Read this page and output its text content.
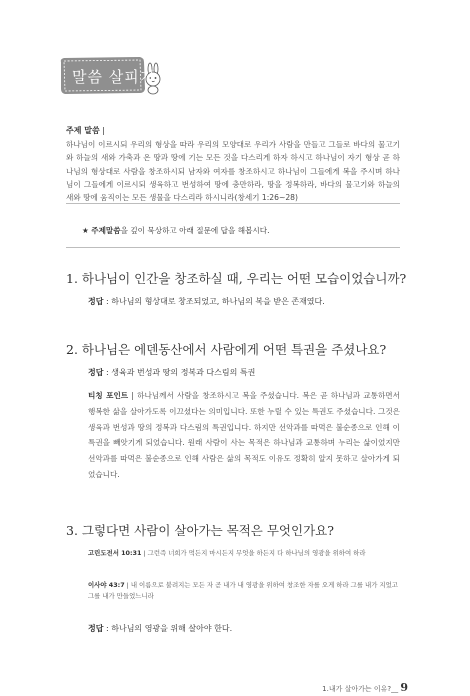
말씀 살피기
주제 말씀 |

하나님이 이르시되 우리의 형상을 따라 우리의 모양대로 우리가 사람을 만들고 그들로 바다의 물고기와 하늘의 새와 가축과 온 땅과 땅에 기는 모든 것을 다스리게 하자 하시고 하나님이 자기 형상 곧 하나님의 형상대로 사람을 창조하시되 남자와 여자를 창조하시고 하나님이 그들에게 복을 주시며 하나님이 그들에게 이르시되 생육하고 번성하여 땅에 충만하라, 땅을 정복하라, 바다의 물고기와 하늘의 새와 땅에 움직이는 모든 생물을 다스리라 하시니라(창세기 1:26~28)

★ 주제말씀을 깊이 묵상하고 아래 질문에 답을 해봅시다.
1. 하나님이 인간을 창조하실 때, 우리는 어떤 모습이었습니까?
정답 : 하나님의 형상대로 창조되었고, 하나님의 복을 받은 존재였다.
2. 하나님은 에덴동산에서 사람에게 어떤 특권을 주셨나요?
정답 : 생육과 번성과 땅의 정복과 다스림의 특권

티칭 포인트 | 하나님께서 사람을 창조하시고 복을 주셨습니다. 복은 곧 하나님과 교통하면서 행복한 삶을 살아가도록 이끄셨다는 의미입니다. 또한 누릴 수 있는 특권도 주셨습니다. 그것은 생육과 번성과 땅의 정복과 다스림의 특권입니다. 하지만 선악과를 따먹은 불순종으로 인해 이 특권을 빼앗기게 되었습니다. 원래 사람이 사는 목적은 하나님과 교통하며 누리는 삶이었지만 선악과를 따먹은 불순종으로 인해 사람은 삶의 목적도 이유도 정확히 알지 못하고 살아가게 되었습니다.

3. 그렇다면 사람이 살아가는 목적은 무엇인가요?

고린도전서 10:31 | 그런즉 너희가 먹든지 마시든지 무엇을 하든지 다 하나님의 영광을 위하여 하라

이사야 43:7 | 내 이름으로 불려지는 모든 자 곧 내가 내 영광을 위하여 창조한 자를 오게 하라 그를 내가 지었고 그를 내가 만들었느니라

정답 : 하나님의 영광을 위해 살아야 한다.
1.내가 살아가는 이유?__ 9
